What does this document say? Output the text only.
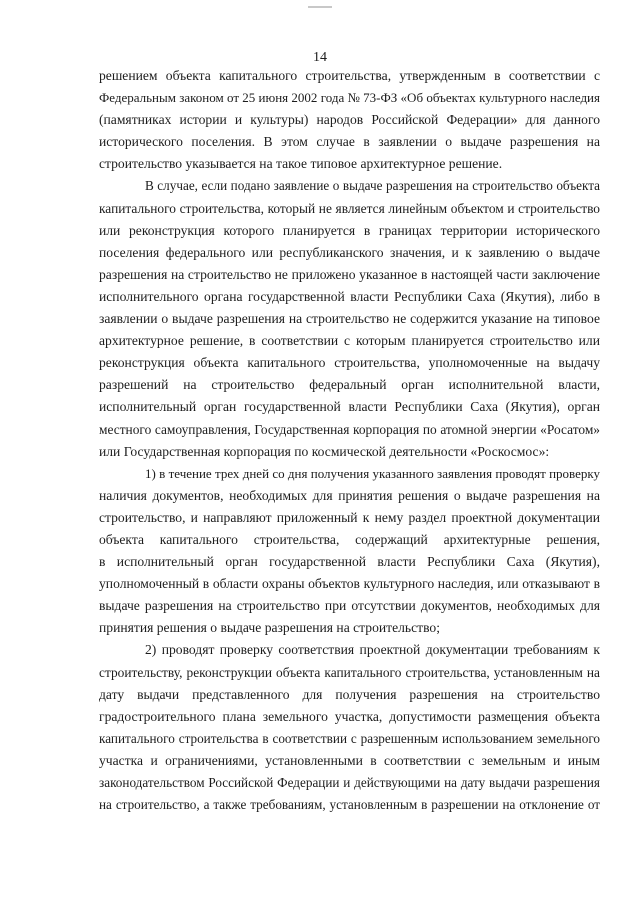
14
решением объекта капитального строительства, утвержденным в соответствии с
Федеральным законом от 25 июня 2002 года № 73-ФЗ «Об объектах культурного наследия
(памятниках истории и культуры) народов Российской Федерации» для данного
исторического поселения. В этом случае в заявлении о выдаче разрешения на
строительство указывается на такое типовое архитектурное решение.
В случае, если подано заявление о выдаче разрешения на строительство объекта
капитального строительства, который не является линейным объектом и строительство
или реконструкция которого планируется в границах территории исторического
поселения федерального или республиканского значения, и к заявлению о выдаче
разрешения на строительство не приложено указанное в настоящей части заключение
исполнительного органа государственной власти Республики Саха (Якутия), либо в
заявлении о выдаче разрешения на строительство не содержится указание на типовое
архитектурное решение, в соответствии с которым планируется строительство или
реконструкция объекта капитального строительства, уполномоченные на выдачу
разрешений на строительство федеральный орган исполнительной власти,
исполнительный орган государственной власти Республики Саха (Якутия), орган
местного самоуправления, Государственная корпорация по атомной энергии «Росатом»
или Государственная корпорация по космической деятельности «Роскосмос»:
1) в течение трех дней со дня получения указанного заявления проводят проверку
наличия документов, необходимых для принятия решения о выдаче разрешения на
строительство, и направляют приложенный к нему раздел проектной документации
объекта капитального строительства, содержащий архитектурные решения,
в исполнительный орган государственной власти Республики Саха (Якутия),
уполномоченный в области охраны объектов культурного наследия, или отказывают в
выдаче разрешения на строительство при отсутствии документов, необходимых для
принятия решения о выдаче разрешения на строительство;
2) проводят проверку соответствия проектной документации требованиям к
строительству, реконструкции объекта капитального строительства, установленным на
дату выдачи представленного для получения разрешения на строительство
градостроительного плана земельного участка, допустимости размещения объекта
капитального строительства в соответствии с разрешенным использованием земельного
участка и ограничениями, установленными в соответствии с земельным и иным
законодательством Российской Федерации и действующими на дату выдачи разрешения
на строительство, а также требованиям, установленным в разрешении на отклонение от
